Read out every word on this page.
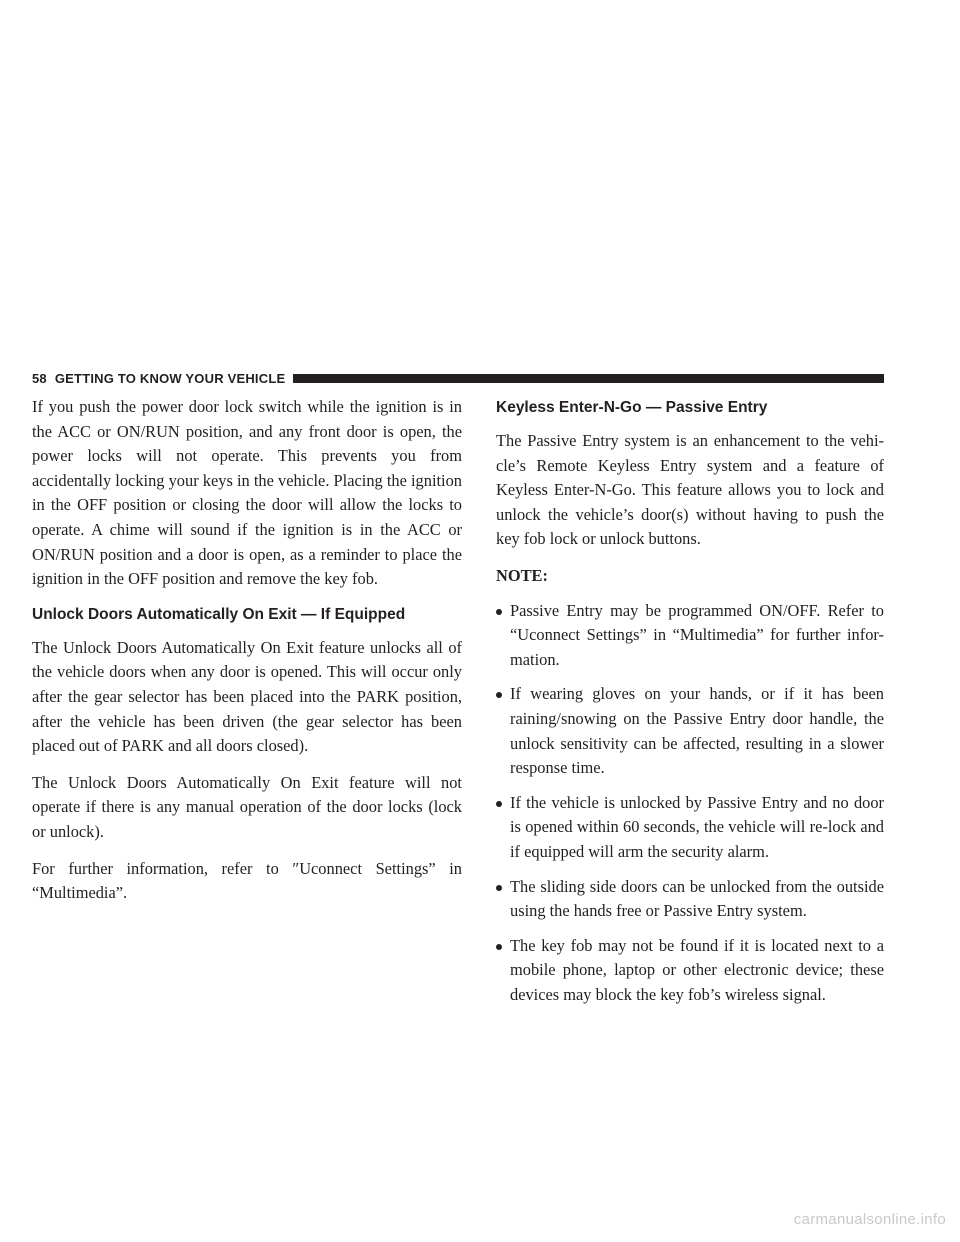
58 GETTING TO KNOW YOUR VEHICLE

If you push the power door lock switch while the ignition is in the ACC or ON/RUN position, and any front door is open, the power locks will not operate. This prevents you from accidentally locking your keys in the vehicle. Placing the ignition in the OFF position or closing the door will allow the locks to operate. A chime will sound if the ignition is in the ACC or ON/RUN position and a door is open, as a reminder to place the ignition in the OFF position and remove the key fob.

Unlock Doors Automatically On Exit — If Equipped

The Unlock Doors Automatically On Exit feature unlocks all of the vehicle doors when any door is opened. This will occur only after the gear selector has been placed into the PARK position, after the vehicle has been driven (the gear selector has been placed out of PARK and all doors closed).

The Unlock Doors Automatically On Exit feature will not operate if there is any manual operation of the door locks (lock or unlock).

For further information, refer to ″Uconnect Settings” in “Multimedia”.

Keyless Enter-N-Go — Passive Entry

The Passive Entry system is an enhancement to the vehi-cle’s Remote Keyless Entry system and a feature of Keyless Enter-N-Go. This feature allows you to lock and unlock the vehicle’s door(s) without having to push the key fob lock or unlock buttons.

NOTE:
Passive Entry may be programmed ON/OFF. Refer to “Uconnect Settings” in “Multimedia” for further infor-mation.
If wearing gloves on your hands, or if it has been raining/snowing on the Passive Entry door handle, the unlock sensitivity can be affected, resulting in a slower response time.
If the vehicle is unlocked by Passive Entry and no door is opened within 60 seconds, the vehicle will re-lock and if equipped will arm the security alarm.
The sliding side doors can be unlocked from the outside using the hands free or Passive Entry system.
The key fob may not be found if it is located next to a mobile phone, laptop or other electronic device; these devices may block the key fob’s wireless signal.
carmanualsonline.info
